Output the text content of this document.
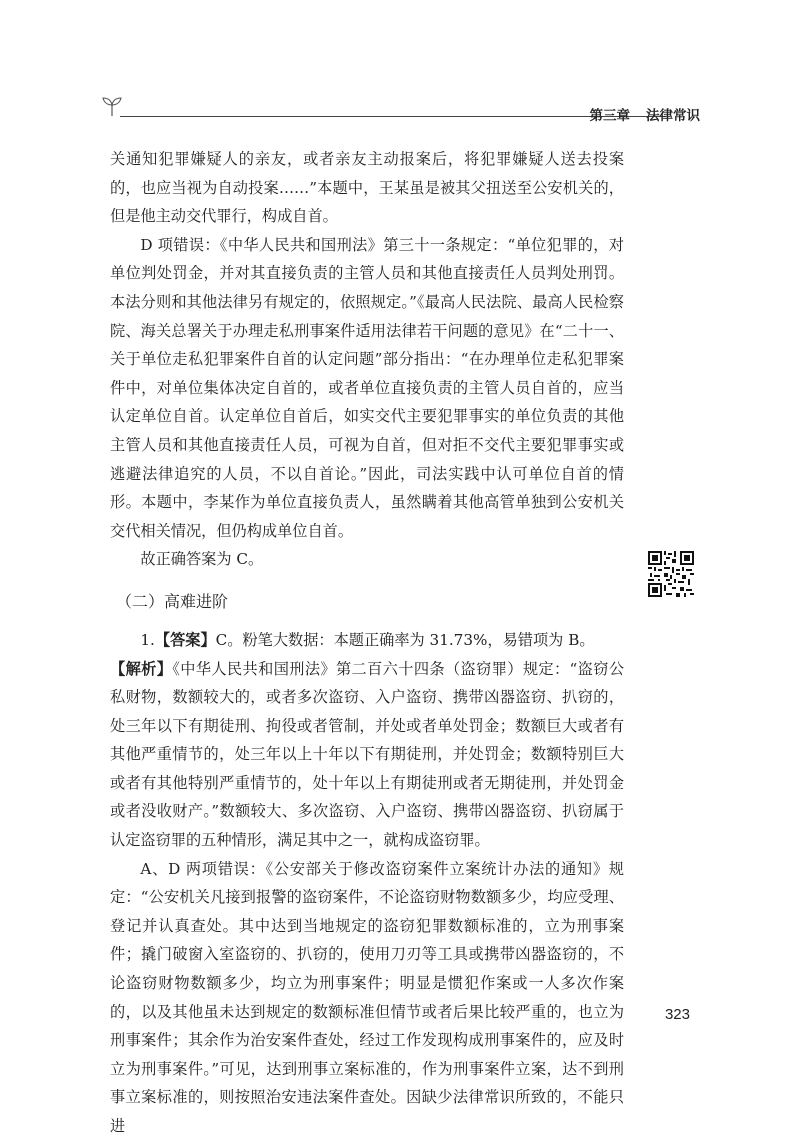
第三章 法律常识

关通知犯罪嫌疑人的亲友，或者亲友主动报案后，将犯罪嫌疑人送去投案的，也应当视为自动投案……”本题中，王某虽是被其父扭送至公安机关的，但是他主动交代罪行，构成自首。

D 项错误：《中华人民共和国刑法》第三十一条规定：“单位犯罪的，对单位判处罚金，并对其直接负责的主管人员和其他直接责任人员判处刑罚。本法分则和其他法律另有规定的，依照规定。”《最高人民法院、最高人民检察院、海关总署关于办理走私刑事案件适用法律若干问题的意见》在“二十一、关于单位走私犯罪案件自首的认定问题”部分指出：“在办理单位走私犯罪案件中，对单位集体决定自首的，或者单位直接负责的主管人员自首的，应当认定单位自首。认定单位自首后，如实交代主要犯罪事实的单位负责的其他主管人员和其他直接责任人员，可视为自首，但对拒不交代主要犯罪事实或逃避法律追究的人员，不以自首论。”因此，司法实践中认可单位自首的情形。本题中，李某作为单位直接负责人，虽然瞒着其他高管单独到公安机关交代相关情况，但仍构成单位自首。

故正确答案为 C。

（二）高难进阶

1.【答案】C。粉笔大数据：本题正确率为 31.73%，易错项为 B。

【解析】《中华人民共和国刑法》第二百六十四条（盗窃罪）规定：“盗窃公私财物，数额较大的，或者多次盗窃、入户盗窃、携带凶器盗窃、扒窃的，处三年以下有期徒刑、拘役或者管制，并处或者单处罚金；数额巨大或者有其他严重情节的，处三年以上十年以下有期徒刑，并处罚金；数额特别巨大或者有其他特别严重情节的，处十年以上有期徒刑或者无期徒刑，并处罚金或者没收财产。”数额较大、多次盗窃、入户盗窃、携带凶器盗窃、扒窃属于认定盗窃罪的五种情形，满足其中之一，就构成盗窃罪。

A、D 两项错误：《公安部关于修改盗窃案件立案统计办法的通知》规定：“公安机关凡接到报警的盗窃案件，不论盗窃财物数额多少，均应受理、登记并认真查处。其中达到当地规定的盗窃犯罪数额标准的，立为刑事案件；撬门破窗入室盗窃的、扒窃的，使用刀刃等工具或携带凶器盗窃的，不论盗窃财物数额多少，均立为刑事案件；明显是惯犯作案或一人多次作案的，以及其他虽未达到规定的数额标准但情节或者后果比较严重的，也立为刑事案件；其余作为治安案件查处，经过工作发现构成刑事案件的，应及时立为刑事案件。”可见，达到刑事立案标准的，作为刑事案件立案，达不到刑事立案标准的，则按照治安违法案件查处。因缺少法律常识所致的，不能只进

323
